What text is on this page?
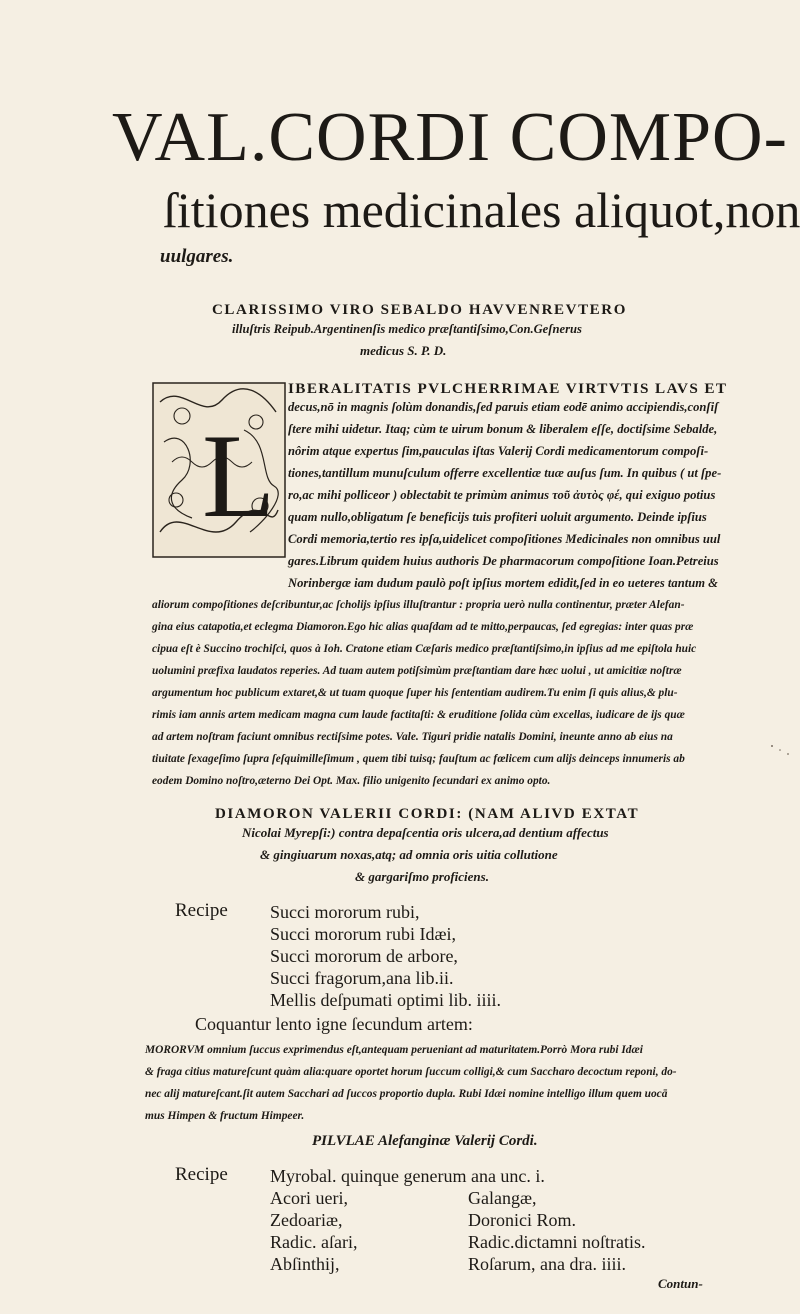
VAL.CORDI COMPO-
ſitiones medicinales aliquot,non
uulgares.
CLARISSIMO VIRO SEBALDO HAVVENREVTERO
illuſtris Reipub.Argentinenſis medico præſtantiſsimo,Con.Geſnerus
medicus S. P. D.
L
IBERALITATIS PVLCHERRIMAE VIRTVTIS LAVS ET
decus,nō in magnis ſolùm donandis,ſed paruis etiam eodē animo accipiendis,conſiſ
ſtere mihi uidetur. Itaq; cùm te uirum bonum & liberalem eſſe, doctiſsime Sebalde,
nôrim atque expertus ſim,pauculas iſtas Valerij Cordi medicamentorum compoſi-
tiones,tantillum munuſculum offerre excellentiæ tuæ auſus ſum. In quibus ( ut ſpe-
ro,ac mihi polliceor ) oblectabit te primùm animus τοῦ ἀυτὸς φέ, qui exiguo potius
quam nullo,obligatum ſe beneficijs tuis profiteri uoluit argumento. Deinde ipſius
Cordi memoria,tertio res ipſa,uidelicet compoſitiones Medicinales non omnibus uul
gares.Librum quidem huius authoris De pharmacorum compoſitione Ioan.Petreius
Norinbergæ iam dudum paulò poſt ipſius mortem edidit,ſed in eo ueteres tantum &
aliorum compoſitiones deſcribuntur,ac ſcholijs ipſius illuſtrantur : propria uerò nulla continentur, præter Alefan-
gina eius catapotia,et eclegma Diamoron.Ego hic alias quaſdam ad te mitto,perpaucas, ſed egregias: inter quas præ
cipua eſt è Succino trochiſci, quos à Ioh. Cratone etiam Cæſaris medico præſtantiſsimo,in ipſius ad me epiſtola huic
uolumini præfixa laudatos reperies. Ad tuam autem potiſsimùm præſtantiam dare hæc uolui , ut amicitiæ noſtræ
argumentum hoc publicum extaret,& ut tuam quoque ſuper his ſententiam audirem.Tu enim ſi quis alius,& plu-
rimis iam annis artem medicam magna cum laude factitaſti: & eruditione ſolida cùm excellas, iudicare de ijs quæ
ad artem noſtram faciunt omnibus rectiſsime potes. Vale. Tiguri pridie natalis Domini, ineunte anno ab eius na
tiuitate ſexageſimo ſupra ſeſquimilleſimum , quem tibi tuisq; fauſtum ac fœlicem cum alijs deinceps innumeris ab
eodem Domino noſtro,æterno Dei Opt. Max. filio unigenito ſecundari ex animo opto.
DIAMORON VALERII CORDI: (NAM ALIVD EXTAT
Nicolai Myrepſi:) contra depaſcentia oris ulcera,ad dentium affectus
& gingiuarum noxas,atq; ad omnia oris uitia collutione
& gargariſmo proficiens.
Recipe Succi mororum rubi,
Succi mororum rubi Idæi,
Succi mororum de arbore,
Succi fragorum,ana lib.ii.
Mellis deſpumati optimi lib. iiii.
Coquantur lento igne ſecundum artem:
MORORVM omnium ſuccus exprimendus eſt,antequam perueniant ad maturitatem.Porrò Mora rubi Idæi
& fraga citius matureſcunt quàm alia:quare oportet horum ſuccum colligi,& cum Saccharo decoctum reponi, do-
nec alij matureſcant.ſit autem Sacchari ad ſuccos proportio dupla. Rubi Idæi nomine intelligo illum quem uocā
mus Himpen & fructum Himpeer.
PILVLAE Alefanginæ Valerij Cordi.
Recipe Myrobal. quinque generum ana unc. i.
Acori ueri,
Zedoariæ,
Radic. aſari,
Abſinthij,
Galangæ,
Doronici Rom.
Radic.dictamni noſtratis.
Roſarum, ana dra. iiii.
Contun-
